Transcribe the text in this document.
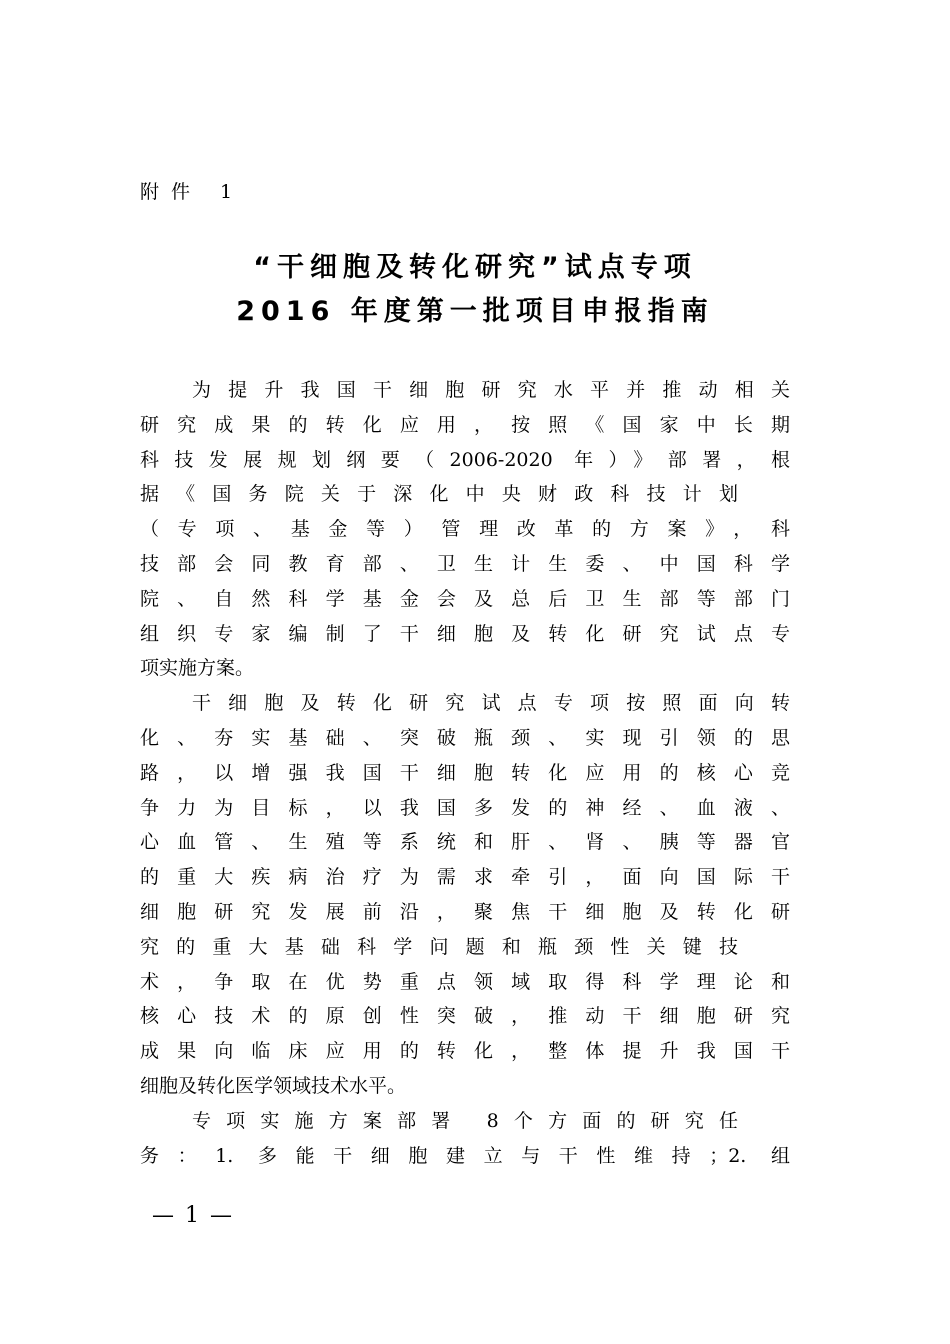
附件 1
“干细胞及转化研究”试点专项
2016 年度第一批项目申报指南
为提升我国干细胞研究水平并推动相关
研究成果的转化应用，按照《国家中长期
科技发展规划纲要（2006-2020 年）》部署，根
据《国务院关于深化中央财政科技计划
（专项、基金等）管理改革的方案》，科
技部会同教育部、卫生计生委、中国科学
院、自然科学基金会及总后卫生部等部门
组织专家编制了干细胞及转化研究试点专
项实施方案。
干细胞及转化研究试点专项按照面向转
化、夯实基础、突破瓶颈、实现引领的思
路，以增强我国干细胞转化应用的核心竞
争力为目标，以我国多发的神经、血液、
心血管、生殖等系统和肝、肾、胰等器官
的重大疾病治疗为需求牵引，面向国际干
细胞研究发展前沿，聚焦干细胞及转化研
究的重大基础科学问题和瓶颈性关键技
术，争取在优势重点领域取得科学理论和
核心技术的原创性突破，推动干细胞研究
成果向临床应用的转化，整体提升我国干
细胞及转化医学领域技术水平。
专项实施方案部署 8个方面的研究任
务：1. 多能干细胞建立与干性维持；2. 组
— 1 —
